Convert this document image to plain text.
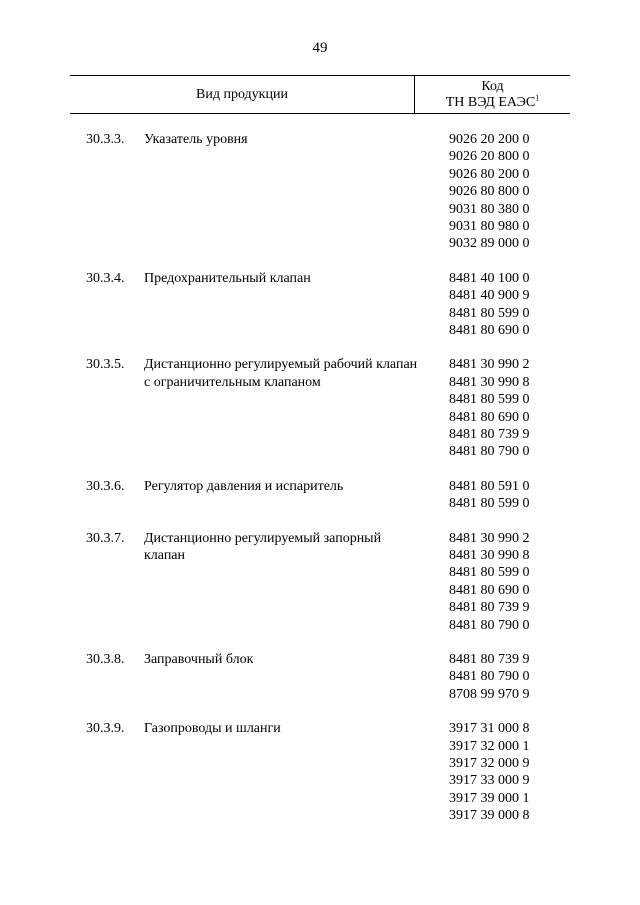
49
Вид продукции
Код
ТН ВЭД ЕАЭС$^1$
30.3.3.	Указатель уровня	9026 20 200 0
9026 20 800 0
9026 80 200 0
9026 80 800 0
9031 80 380 0
9031 80 980 0
9032 89 000 0
30.3.4.	Предохранительный клапан	8481 40 100 0
8481 40 900 9
8481 80 599 0
8481 80 690 0
30.3.5.	Дистанционно регулируемый рабочий клапан с ограничительным клапаном
8481 30 990 2
8481 30 990 8
8481 80 599 0
8481 80 690 0
8481 80 739 9
8481 80 790 0
30.3.6.	Регулятор давления и испаритель	8481 80 591 0
8481 80 599 0
30.3.7.	Дистанционно регулируемый запорный клапан
8481 30 990 2
8481 30 990 8
8481 80 599 0
8481 80 690 0
8481 80 739 9
8481 80 790 0
30.3.8.	Заправочный блок	8481 80 739 9
8481 80 790 0
8708 99 970 9
30.3.9.	Газопроводы и шланги	3917 31 000 8
3917 32 000 1
3917 32 000 9
3917 33 000 9
3917 39 000 1
3917 39 000 8
